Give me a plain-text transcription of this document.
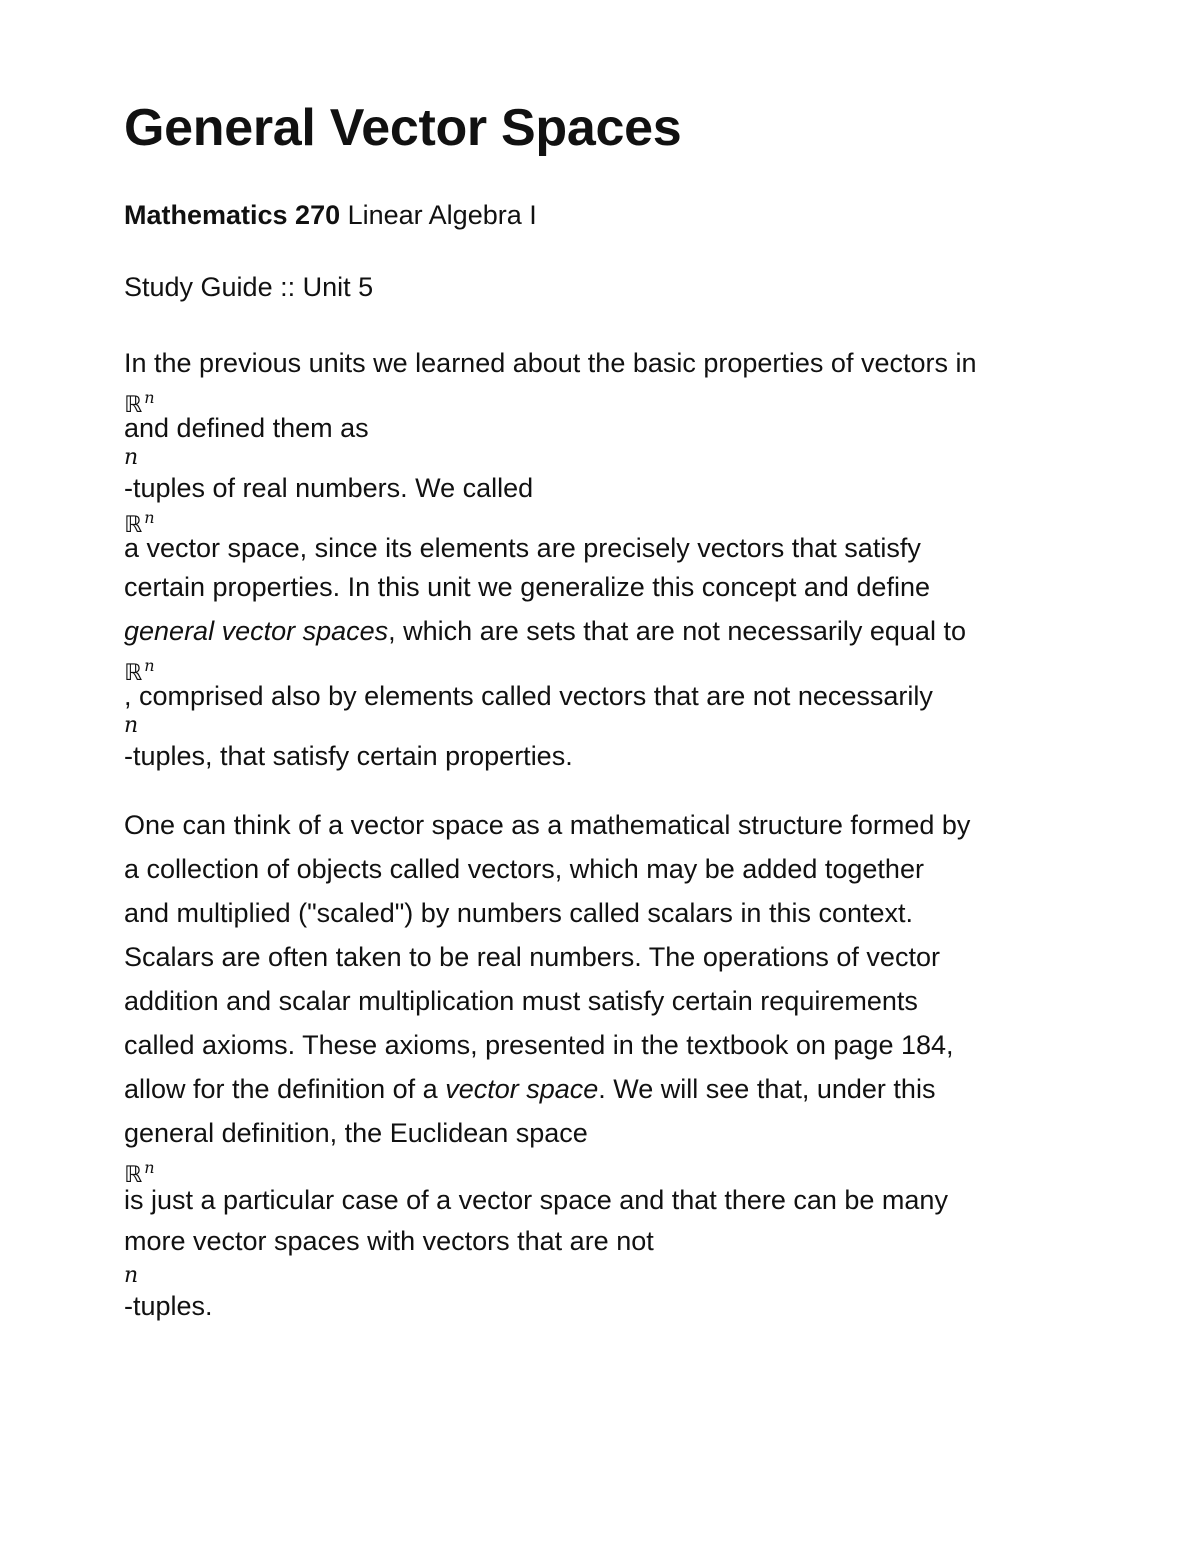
General Vector Spaces
Mathematics 270 Linear Algebra I
Study Guide :: Unit 5
In the previous units we learned about the basic properties of vectors in
ℝ $^n$
and defined them as
n
-tuples of real numbers. We called
ℝ $^n$
a vector space, since its elements are precisely vectors that satisfy
certain properties. In this unit we generalize this concept and define
general vector spaces, which are sets that are not necessarily equal to
ℝ $^n$
, comprised also by elements called vectors that are not necessarily
n
-tuples, that satisfy certain properties.
One can think of a vector space as a mathematical structure formed by
a collection of objects called vectors, which may be added together
and multiplied ("scaled") by numbers called scalars in this context.
Scalars are often taken to be real numbers. The operations of vector
addition and scalar multiplication must satisfy certain requirements
called axioms. These axioms, presented in the textbook on page 184,
allow for the definition of a vector space. We will see that, under this
general definition, the Euclidean space
ℝ $^n$
is just a particular case of a vector space and that there can be many
more vector spaces with vectors that are not
n
-tuples.
